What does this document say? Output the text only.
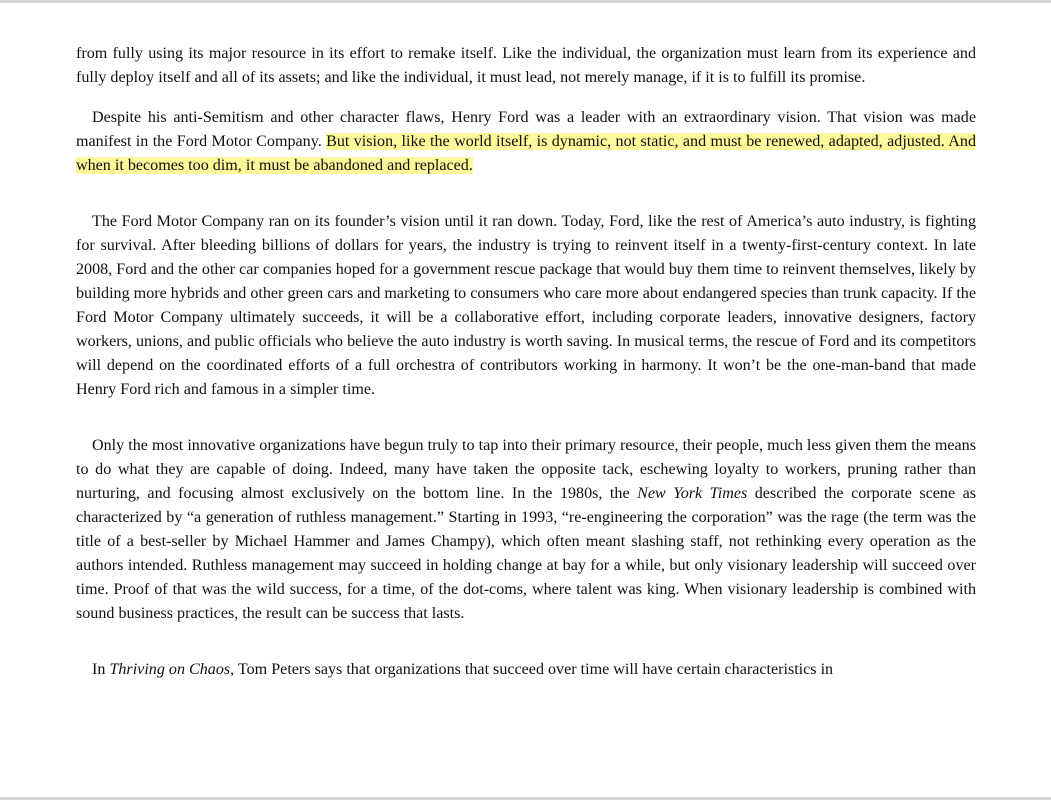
from fully using its major resource in its effort to remake itself. Like the individual, the organization must learn from its experience and fully deploy itself and all of its assets; and like the individual, it must lead, not merely manage, if it is to fulfill its promise.

Despite his anti-Semitism and other character flaws, Henry Ford was a leader with an extraordinary vision. That vision was made manifest in the Ford Motor Company. But vision, like the world itself, is dynamic, not static, and must be renewed, adapted, adjusted. And when it becomes too dim, it must be abandoned and replaced.

The Ford Motor Company ran on its founder’s vision until it ran down. Today, Ford, like the rest of America’s auto industry, is fighting for survival. After bleeding billions of dollars for years, the industry is trying to reinvent itself in a twenty-first-century context. In late 2008, Ford and the other car companies hoped for a government rescue package that would buy them time to reinvent themselves, likely by building more hybrids and other green cars and marketing to consumers who care more about endangered species than trunk capacity. If the Ford Motor Company ultimately succeeds, it will be a collaborative effort, including corporate leaders, innovative designers, factory workers, unions, and public officials who believe the auto industry is worth saving. In musical terms, the rescue of Ford and its competitors will depend on the coordinated efforts of a full orchestra of contributors working in harmony. It won’t be the one-man-band that made Henry Ford rich and famous in a simpler time.

Only the most innovative organizations have begun truly to tap into their primary resource, their people, much less given them the means to do what they are capable of doing. Indeed, many have taken the opposite tack, eschewing loyalty to workers, pruning rather than nurturing, and focusing almost exclusively on the bottom line. In the 1980s, the New York Times described the corporate scene as characterized by “a generation of ruthless management.” Starting in 1993, “re-engineering the corporation” was the rage (the term was the title of a best-seller by Michael Hammer and James Champy), which often meant slashing staff, not rethinking every operation as the authors intended. Ruthless management may succeed in holding change at bay for a while, but only visionary leadership will succeed over time. Proof of that was the wild success, for a time, of the dot-coms, where talent was king. When visionary leadership is combined with sound business practices, the result can be success that lasts.

In Thriving on Chaos, Tom Peters says that organizations that succeed over time will have certain characteristics in
